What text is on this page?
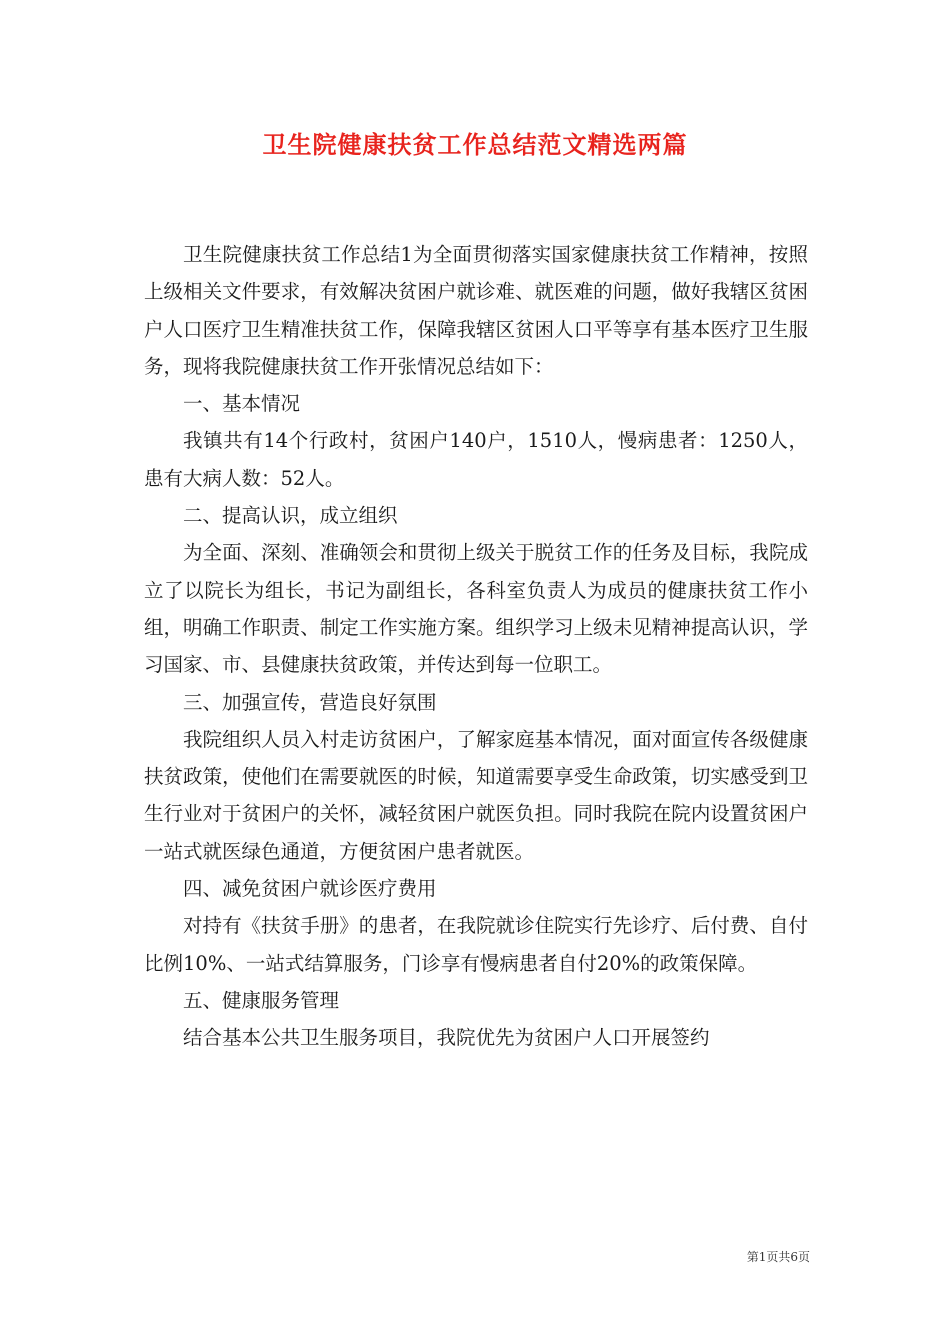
卫生院健康扶贫工作总结范文精选两篇

卫生院健康扶贫工作总结1为全面贯彻落实国家健康扶贫工作精神，按照上级相关文件要求，有效解决贫困户就诊难、就医难的问题，做好我辖区贫困户人口医疗卫生精准扶贫工作，保障我辖区贫困人口平等享有基本医疗卫生服务，现将我院健康扶贫工作开张情况总结如下：

一、基本情况

我镇共有14个行政村，贫困户140户，1510人，慢病患者：1250人，患有大病人数：52人。

二、提高认识，成立组织

为全面、深刻、准确领会和贯彻上级关于脱贫工作的任务及目标，我院成立了以院长为组长，书记为副组长，各科室负责人为成员的健康扶贫工作小组，明确工作职责、制定工作实施方案。组织学习上级未见精神提高认识，学习国家、市、县健康扶贫政策，并传达到每一位职工。

三、加强宣传，营造良好氛围

我院组织人员入村走访贫困户，了解家庭基本情况，面对面宣传各级健康扶贫政策，使他们在需要就医的时候，知道需要享受生命政策，切实感受到卫生行业对于贫困户的关怀，减轻贫困户就医负担。同时我院在院内设置贫困户一站式就医绿色通道，方便贫困户患者就医。

四、减免贫困户就诊医疗费用

对持有《扶贫手册》的患者，在我院就诊住院实行先诊疗、后付费、自付比例10%、一站式结算服务，门诊享有慢病患者自付20%的政策保障。

五、健康服务管理

结合基本公共卫生服务项目，我院优先为贫困户人口开展签约

第1页共6页
